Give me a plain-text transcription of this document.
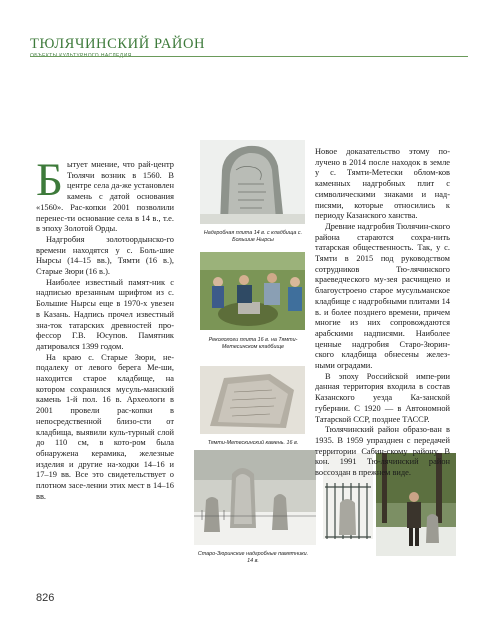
ТЮЛЯЧИНСКИЙ РАЙОН
ОБЪЕКТЫ КУЛЬТУРНОГО НАСЛЕДИЯ

Бытует мнение, что рай-центр Тюлячи возник в 1560. В центре села да-же установлен камень с датой основания «1560». Рас-копки 2001 позволили перенес-ти основание села в 14 в., т.е. в эпоху Золотой Орды.

Надгробия золотоордынско-го времени находятся у с. Боль-шие Нырсы (14–15 вв.), Тямти (16 в.), Старые Зюри (16 в.).

Наиболее известный памят-ник с надписью врезанным шрифтом из с. Большие Нырсы еще в 1970-х увезен в Казань. Надпись прочел известный зна-ток татарских древностей про-фессор Г.В. Юсупов. Памятник датировался 1399 годом.

На краю с. Старые Зюри, не-подалеку от левого берега Ме-ши, находится старое кладбище, на котором сохранился мусуль-манский камень 1-й пол. 16 в. Археологи в 2001 провели рас-копки в непосредственной близо-сти от кладбища, выявили куль-турный слой до 110 см, в кото-ром была обнаружена керамика, железные изделия и другие на-ходки 14–16 и 17–19 вв. Все это свидетельствует о плотном засе-лении этих мест в 14–16 вв.

Надгробная плита 14 в. с кладбища с. Большие Нырсы
Реколологи плита 16 в. на Тямти-Метесинском кладбище
Тямти-Метескинский камень. 16 в.
Старо-Зюринские надгробные памятники. 14 в.

Новое доказательство этому по-лучено в 2014 после находок в земле у с. Тямти-Метески облом-ков каменных надгробных плит с символическими знаками и над-писями, которые относились к периоду Казанского ханства.

Древние надгробия Тюлячин-ского района стараются сохра-нить татарская общественность. Так, у с. Тямти в 2015 под руководством сотрудников Тю-лячинского краеведческого му-зея расчищено и благоустроено старое мусульманское кладбище с надгробными плитами 14 в. и более позднего времени, причем многие из них сопровождаются арабскими надписями. Наиболее ценные надгробия Старо-Зюрин-ского кладбища обнесены желез-ными оградами.

В эпоху Российской импе-рии данная территория входила в состав Казанского уезда Ка-занской губернии. С 1920 — в Автономной Татарской ССР, позднее ТАССР.

Тюлячинский район образо-ван в 1935. В 1959 упразднен с передачей территории Сабин-скому району. В кон. 1991 Тю-лячинский район воссоздан в прежнем виде.

826
